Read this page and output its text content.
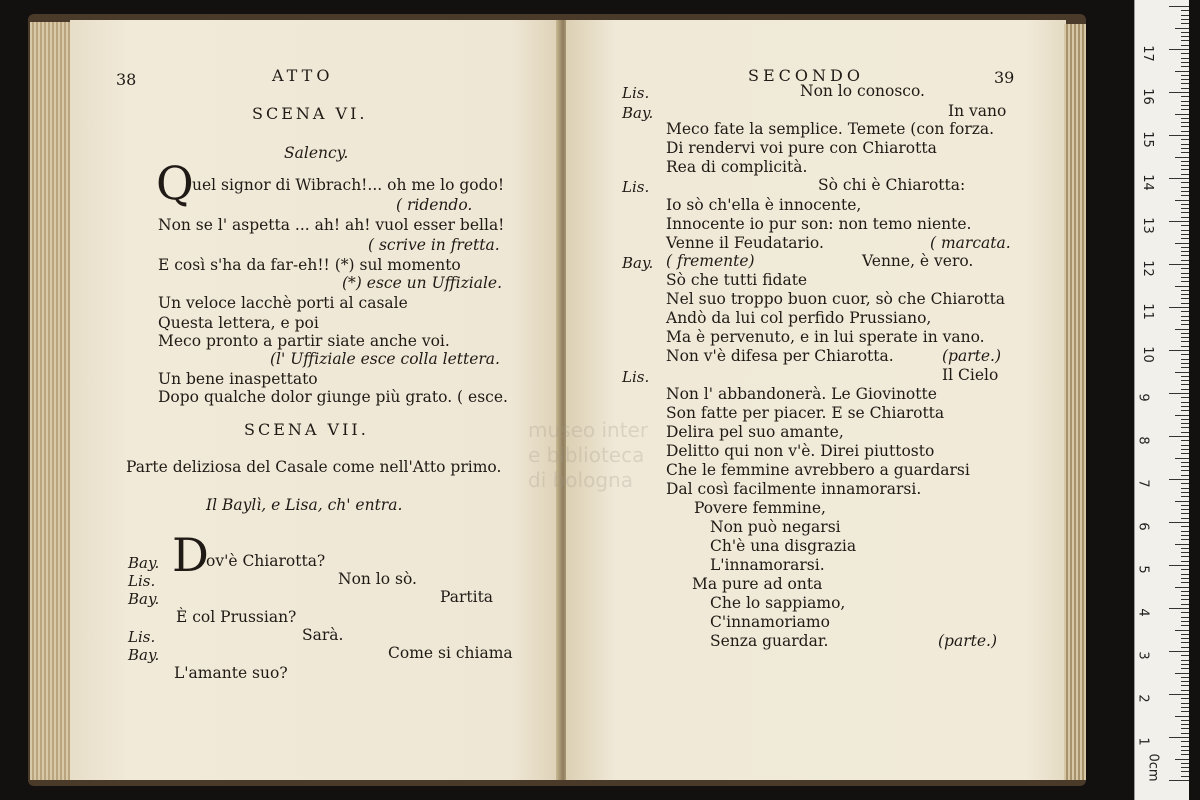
38	ATTO
SCENA VI.
Salency.
Q
uel signor di Wibrach!... oh me lo godo!
( ridendo.
Non se l' aspetta ... ah! ah! vuol esser bella!
( scrive in fretta.
E così s'ha da far-eh!! (*) sul momento
(*) esce un Uffiziale.
Un veloce lacchè porti al casale
Questa lettera, e poi
Meco pronto a partir siate anche voi.
(l' Uffiziale esce colla lettera.
Un bene inaspettato
Dopo qualche dolor giunge più grato. ( esce.
SCENA VII.
Parte deliziosa del Casale come nell'Atto primo.
Il Baylì, e Lisa, ch' entra.
Bay. D
ov'è Chiarotta?
Lis.	Non lo sò.
Bay.	Partita
È col Prussian?
Lis.	Sarà.
Bay.	Come si chiama
L'amante suo?
SECONDO	39
Lis.	Non lo conosco.
Bay.	In vano
Meco fate la semplice. Temete (con forza.
Di rendervi voi pure con Chiarotta
Rea di complicità.
Lis.	Sò chi è Chiarotta:
Io sò ch'ella è innocente,
Innocente io pur son: non temo niente.
Venne il Feudatario.	( marcata.
Bay. ( frementе)	Venne, è vero.
Sò che tutti fidate
Nel suo troppo buon cuor, sò che Chiarotta
Andò da lui col perfido Prussiano,
Ma è pervenuto, e in lui sperate in vano.
Non v'è difesa per Chiarotta.	(parte.)
Lis.	Il Cielo
Non l' abbandonerà. Le Giovinotte
Son fatte per piacer. E se Chiarotta
Delira pel suo amante,
Delitto qui non v'è. Direi piuttosto
Che le femmine avrebbero a guardarsi
Dal così facilmente innamorarsi.
Povere femmine,
Non può negarsi
Ch'è una disgrazia
L'innamorarsi.
Ma pure ad onta
Che lo sappiamo,
C'innamoriamo
Senza guardar.	(parte.)
museo inter
e biblioteca
di bologna
0cm
1
2
3
4
5
6
7
8
9
10
11
12
13
14
15
16
17
